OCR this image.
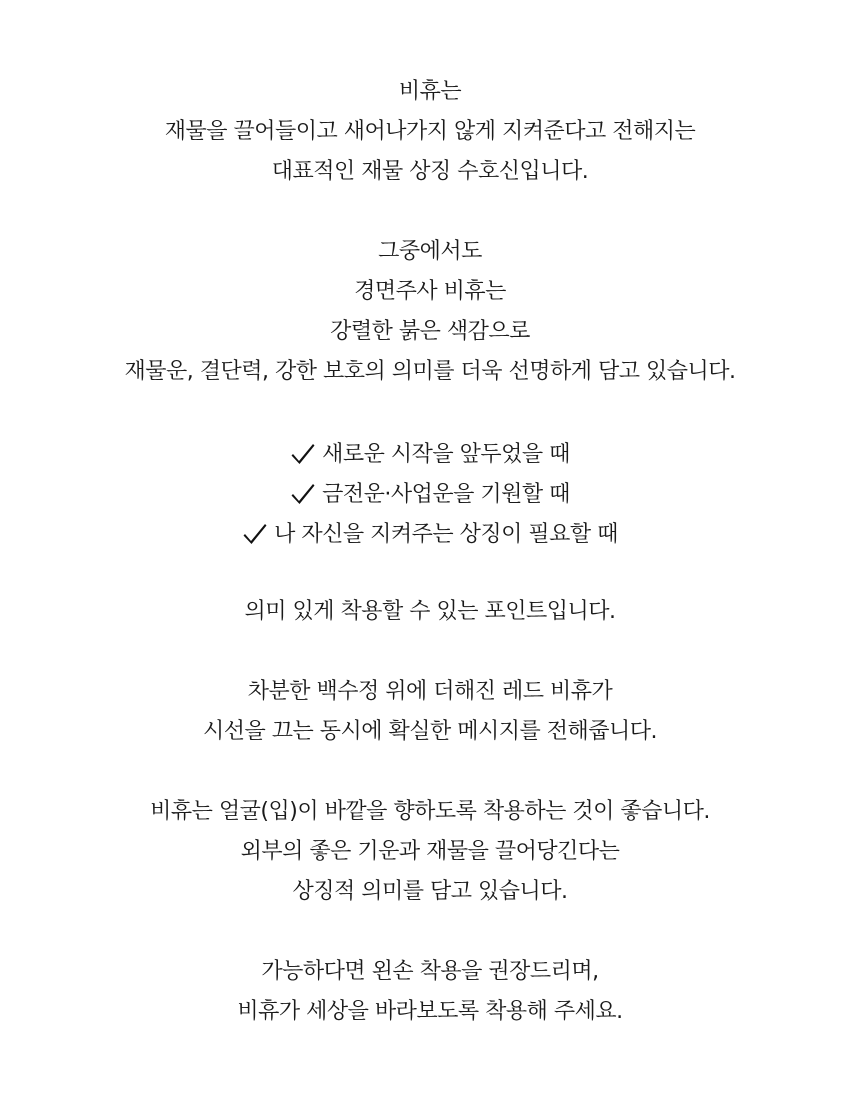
비휴는
재물을 끌어들이고 새어나가지 않게 지켜준다고 전해지는
대표적인 재물 상징 수호신입니다.
그중에서도
경면주사 비휴는
강렬한 붉은 색감으로
재물운, 결단력, 강한 보호의 의미를 더욱 선명하게 담고 있습니다.
새로운 시작을 앞두었을 때
금전운·사업운을 기원할 때
나 자신을 지켜주는 상징이 필요할 때
의미 있게 착용할 수 있는 포인트입니다.
차분한 백수정 위에 더해진 레드 비휴가
시선을 끄는 동시에 확실한 메시지를 전해줍니다.
비휴는 얼굴(입)이 바깥을 향하도록 착용하는 것이 좋습니다.
외부의 좋은 기운과 재물을 끌어당긴다는
상징적 의미를 담고 있습니다.
가능하다면 왼손 착용을 권장드리며,
비휴가 세상을 바라보도록 착용해 주세요.
